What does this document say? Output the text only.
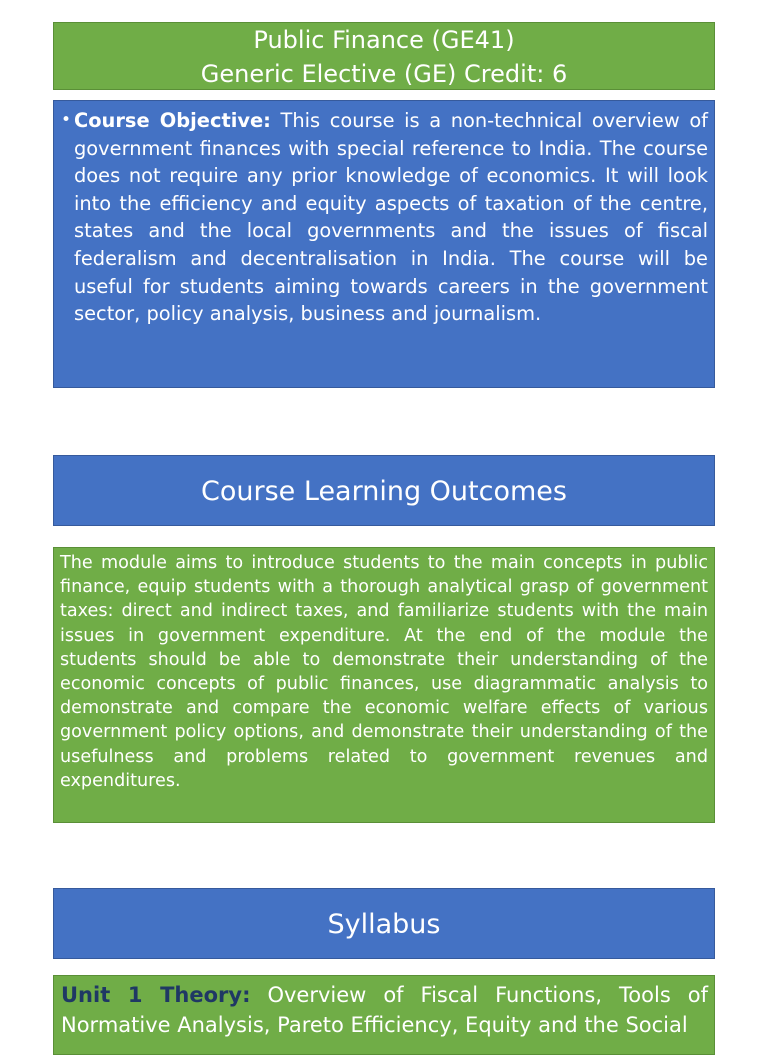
Public Finance (GE41)
Generic Elective (GE) Credit: 6
• Course Objective: This course is a non-technical overview of government finances with special reference to India. The course does not require any prior knowledge of economics. It will look into the efficiency and equity aspects of taxation of the centre, states and the local governments and the issues of fiscal federalism and decentralisation in India. The course will be useful for students aiming towards careers in the government sector, policy analysis, business and journalism.
Course Learning Outcomes
The module aims to introduce students to the main concepts in public finance, equip students with a thorough analytical grasp of government taxes: direct and indirect taxes, and familiarize students with the main issues in government expenditure. At the end of the module the students should be able to demonstrate their understanding of the economic concepts of public finances, use diagrammatic analysis to demonstrate and compare the economic welfare effects of various government policy options, and demonstrate their understanding of the usefulness and problems related to government revenues and expenditures.
Syllabus
Unit 1 Theory: Overview of Fiscal Functions, Tools of Normative Analysis, Pareto Efficiency, Equity and the Social
